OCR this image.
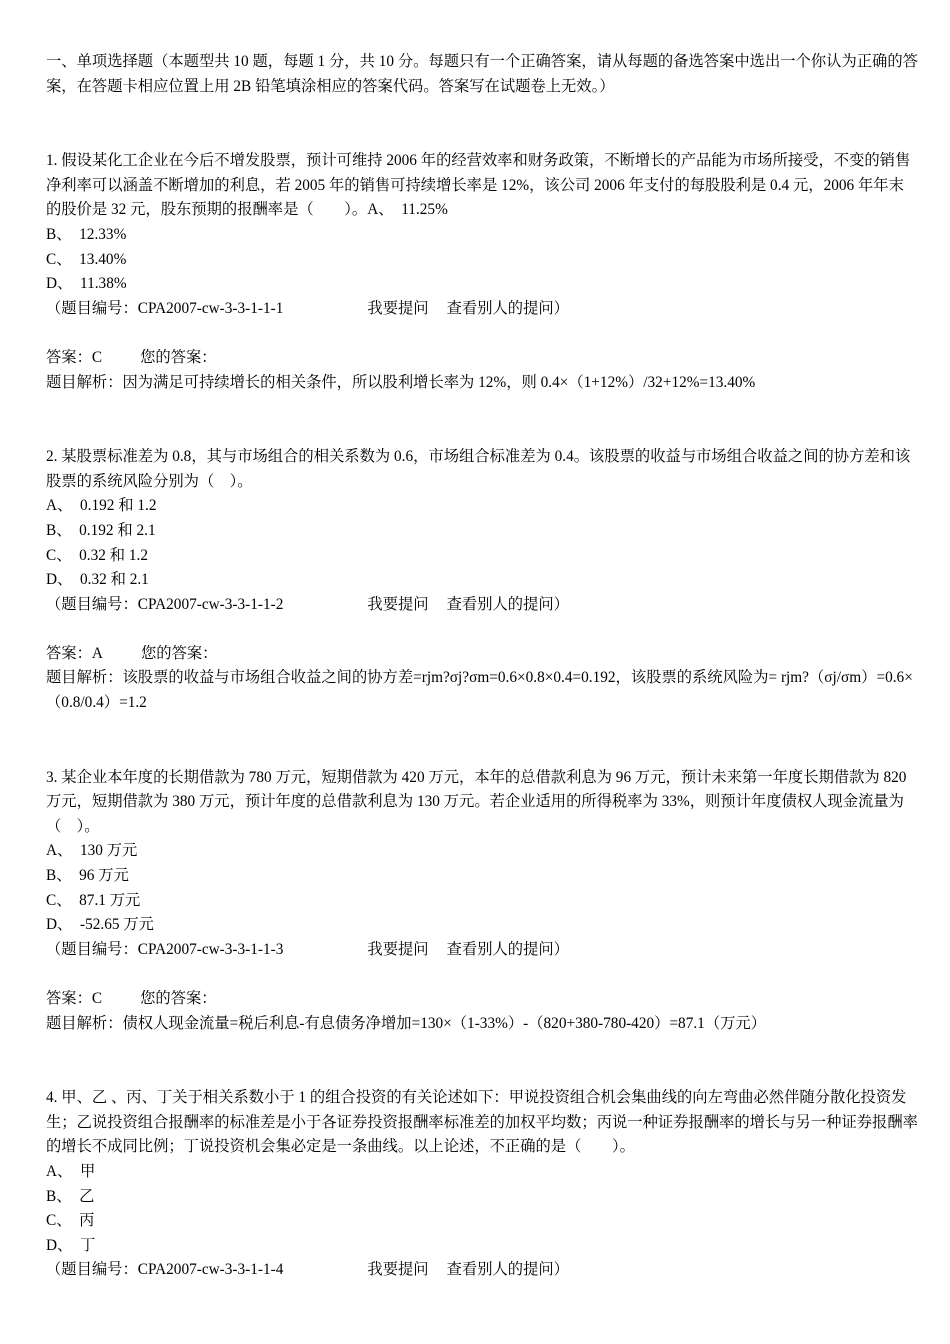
一、单项选择题（本题型共 10 题，每题 1 分，共 10 分。每题只有一个正确答案，请从每题的备选答案中选出一个你认为正确的答案，在答题卡相应位置上用 2B 铅笔填涂相应的答案代码。答案写在试题卷上无效。）

1. 假设某化工企业在今后不增发股票，预计可维持 2006 年的经营效率和财务政策，不断增长的产品能为市场所接受，不变的销售净利率可以涵盖不断增加的利息，若 2005 年的销售可持续增长率是 12%，该公司 2006 年支付的每股股利是 0.4 元，2006 年年末的股价是 32 元，股东预期的报酬率是（　　）。A、　11.25%

B、　12.33%

C、　13.40%

D、　11.38%

（题目编号：CPA2007-cw-3-3-1-1-1	我要提问 查看别人的提问）

答案：C 您的答案：

题目解析：因为满足可持续增长的相关条件，所以股利增长率为 12%，则 0.4×（1+12%）/32+12%=13.40%

2. 某股票标准差为 0.8，其与市场组合的相关系数为 0.6，市场组合标准差为 0.4。该股票的收益与市场组合收益之间的协方差和该股票的系统风险分别为（　）。

A、　0.192 和 1.2

B、　0.192 和 2.1

C、　0.32 和 1.2

D、　0.32 和 2.1

（题目编号：CPA2007-cw-3-3-1-1-2	我要提问 查看别人的提问）

答案：A 您的答案：

题目解析：该股票的收益与市场组合收益之间的协方差=rjm?σj?σm=0.6×0.8×0.4=0.192，该股票的系统风险为= rjm?（σj/σm）=0.6×（0.8/0.4）=1.2

3. 某企业本年度的长期借款为 780 万元，短期借款为 420 万元，本年的总借款利息为 96 万元，预计未来第一年度长期借款为 820 万元，短期借款为 380 万元，预计年度的总借款利息为 130 万元。若企业适用的所得税率为 33%，则预计年度债权人现金流量为（　）。

A、　130 万元

B、　96 万元

C、　87.1 万元

D、　-52.65 万元

（题目编号：CPA2007-cw-3-3-1-1-3	我要提问 查看别人的提问）

答案：C 您的答案：

题目解析：债权人现金流量=税后利息-有息债务净增加=130×（1-33%）-（820+380-780-420）=87.1（万元）

4. 甲、乙 、丙、丁关于相关系数小于 1 的组合投资的有关论述如下：甲说投资组合机会集曲线的向左弯曲必然伴随分散化投资发生；乙说投资组合报酬率的标准差是小于各证券投资报酬率标准差的加权平均数；丙说一种证券报酬率的增长与另一种证券报酬率的增长不成同比例；丁说投资机会集必定是一条曲线。以上论述，不正确的是（　　）。

A、　甲

B、　乙

C、　丙

D、　丁

（题目编号：CPA2007-cw-3-3-1-1-4	我要提问 查看别人的提问）
